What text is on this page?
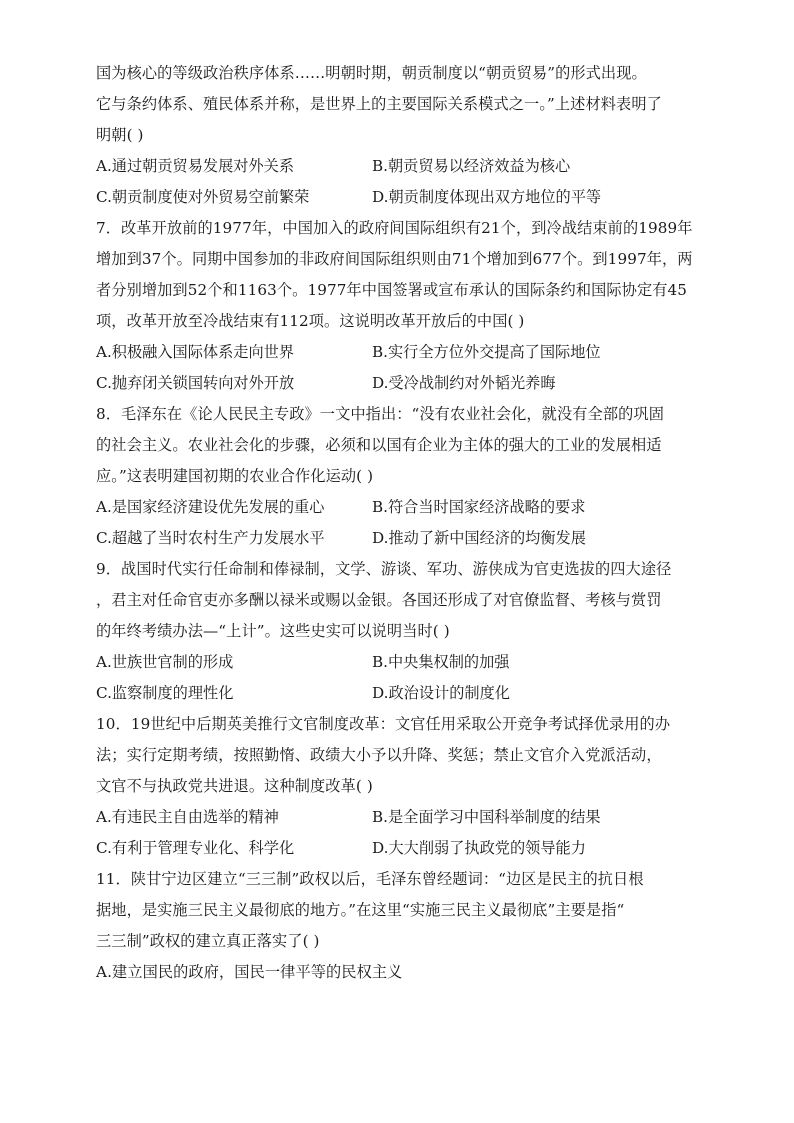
国为核心的等级政治秩序体系……明朝时期，朝贡制度以“朝贡贸易”的形式出现。
它与条约体系、殖民体系并称，是世界上的主要国际关系模式之一。”上述材料表明了
明朝( )
A.通过朝贡贸易发展对外关系	B.朝贡贸易以经济效益为核心
C.朝贡制度使对外贸易空前繁荣	D.朝贡制度体现出双方地位的平等
7．改革开放前的1977年，中国加入的政府间国际组织有21个，到冷战结束前的1989年
增加到37个。同期中国参加的非政府间国际组织则由71个增加到677个。到1997年，两
者分别增加到52个和1163个。1977年中国签署或宣布承认的国际条约和国际协定有45
项，改革开放至冷战结束有112项。这说明改革开放后的中国( )
A.积极融入国际体系走向世界	B.实行全方位外交提高了国际地位
C.抛弃闭关锁国转向对外开放	D.受冷战制约对外韬光养晦
8．毛泽东在《论人民民主专政》一文中指出：“没有农业社会化，就没有全部的巩固
的社会主义。农业社会化的步骤，必须和以国有企业为主体的强大的工业的发展相适
应。”这表明建国初期的农业合作化运动( )
A.是国家经济建设优先发展的重心	B.符合当时国家经济战略的要求
C.超越了当时农村生产力发展水平	D.推动了新中国经济的均衡发展
9．战国时代实行任命制和俸禄制，文学、游谈、军功、游侠成为官吏选拔的四大途径
，君主对任命官吏亦多酬以禄米或赐以金银。各国还形成了对官僚监督、考核与赏罚
的年终考绩办法—“上计”。这些史实可以说明当时( )
A.世族世官制的形成	B.中央集权制的加强
C.监察制度的理性化	D.政治设计的制度化
10．19世纪中后期英美推行文官制度改革：文官任用采取公开竞争考试择优录用的办
法；实行定期考绩，按照勤惰、政绩大小予以升降、奖惩；禁止文官介入党派活动，
文官不与执政党共进退。这种制度改革( )
A.有违民主自由选举的精神	B.是全面学习中国科举制度的结果
C.有利于管理专业化、科学化	D.大大削弱了执政党的领导能力
11．陕甘宁边区建立“三三制”政权以后，毛泽东曾经题词：“边区是民主的抗日根
据地，是实施三民主义最彻底的地方。”在这里“实施三民主义最彻底”主要是指“
三三制”政权的建立真正落实了( )
A.建立国民的政府，国民一律平等的民权主义
